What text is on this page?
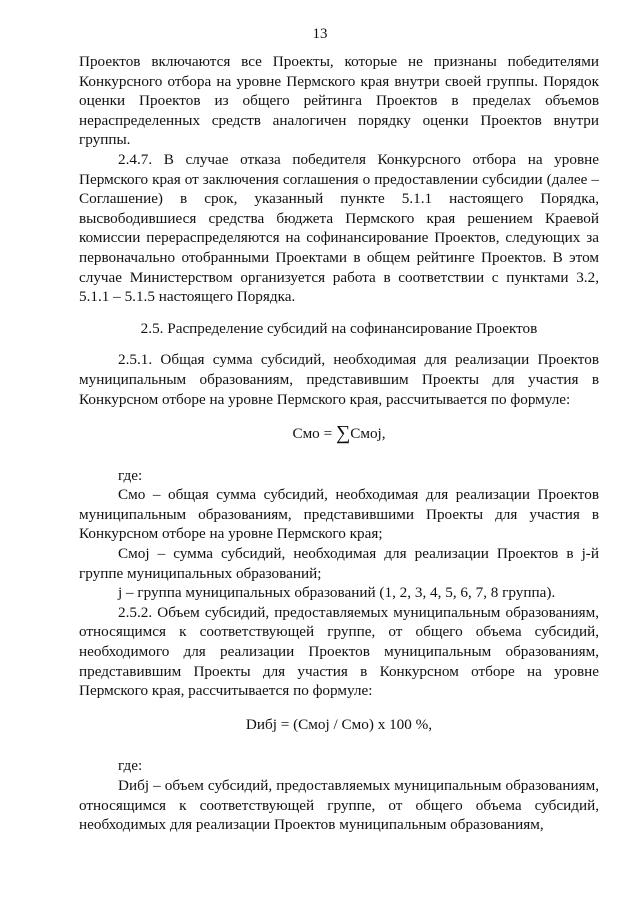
13

Проектов включаются все Проекты, которые не признаны победителями Конкурсного отбора на уровне Пермского края внутри своей группы. Порядок оценки Проектов из общего рейтинга Проектов в пределах объемов нераспределенных средств аналогичен порядку оценки Проектов внутри группы.

2.4.7. В случае отказа победителя Конкурсного отбора на уровне Пермского края от заключения соглашения о предоставлении субсидии (далее – Соглашение) в срок, указанный пункте 5.1.1 настоящего Порядка, высвободившиеся средства бюджета Пермского края решением Краевой комиссии перераспределяются на софинансирование Проектов, следующих за первоначально отобранными Проектами в общем рейтинге Проектов. В этом случае Министерством организуется работа в соответствии с пунктами 3.2, 5.1.1 – 5.1.5 настоящего Порядка.

2.5. Распределение субсидий на софинансирование Проектов

2.5.1. Общая сумма субсидий, необходимая для реализации Проектов муниципальным образованиям, представившим Проекты для участия в Конкурсном отборе на уровне Пермского края, рассчитывается по формуле:

Смо = ∑Смоj,

где:

Смо – общая сумма субсидий, необходимая для реализации Проектов муниципальным образованиям, представившими Проекты для участия в Конкурсном отборе на уровне Пермского края;

Смоj – сумма субсидий, необходимая для реализации Проектов в j-й группе муниципальных образований;

j – группа муниципальных образований (1, 2, 3, 4, 5, 6, 7, 8 группа).

2.5.2. Объем субсидий, предоставляемых муниципальным образованиям, относящимся к соответствующей группе, от общего объема субсидий, необходимого для реализации Проектов муниципальным образованиям, представившим Проекты для участия в Конкурсном отборе на уровне Пермского края, рассчитывается по формуле:

Dибj = (Смоj / Смо) х 100 %,

где:

Dибj – объем субсидий, предоставляемых муниципальным образованиям, относящимся к соответствующей группе, от общего объема субсидий, необходимых для реализации Проектов муниципальным образованиям,
